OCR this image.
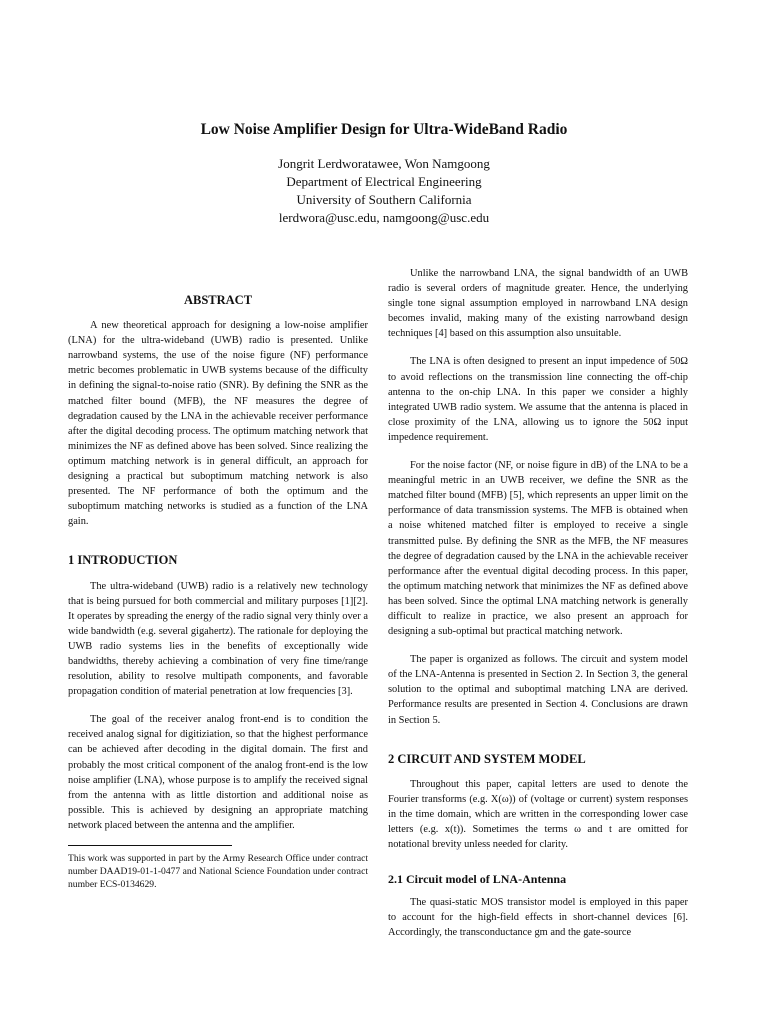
Low Noise Amplifier Design for Ultra-WideBand Radio
Jongrit Lerdworatawee, Won Namgoong
Department of Electrical Engineering
University of Southern California
lerdwora@usc.edu, namgoong@usc.edu
ABSTRACT

A new theoretical approach for designing a low-noise amplifier (LNA) for the ultra-wideband (UWB) radio is presented. Unlike narrowband systems, the use of the noise figure (NF) performance metric becomes problematic in UWB systems because of the difficulty in defining the signal-to-noise ratio (SNR). By defining the SNR as the matched filter bound (MFB), the NF measures the degree of degradation caused by the LNA in the achievable receiver performance after the digital decoding process. The optimum matching network that minimizes the NF as defined above has been solved. Since realizing the optimum matching network is in general difficult, an approach for designing a practical but suboptimum matching network is also presented. The NF performance of both the optimum and the suboptimum matching networks is studied as a function of the LNA gain.

1 INTRODUCTION

The ultra-wideband (UWB) radio is a relatively new technology that is being pursued for both commercial and military purposes [1][2]. It operates by spreading the energy of the radio signal very thinly over a wide bandwidth (e.g. several gigahertz). The rationale for deploying the UWB radio systems lies in the benefits of exceptionally wide bandwidths, thereby achieving a combination of very fine time/range resolution, ability to resolve multipath components, and favorable propagation condition of material penetration at low frequencies [3].

The goal of the receiver analog front-end is to condition the received analog signal for digitiziation, so that the highest performance can be achieved after decoding in the digital domain. The first and probably the most critical component of the analog front-end is the low noise amplifier (LNA), whose purpose is to amplify the received signal from the antenna with as little distortion and additional noise as possible. This is achieved by designing an appropriate matching network placed between the antenna and the amplifier.

This work was supported in part by the Army Research Office under contract number DAAD19-01-1-0477 and National Science Foundation under contract number ECS-0134629.

Unlike the narrowband LNA, the signal bandwidth of an UWB radio is several orders of magnitude greater. Hence, the underlying single tone signal assumption employed in narrowband LNA design becomes invalid, making many of the existing narrowband design techniques [4] based on this assumption also unsuitable.

The LNA is often designed to present an input impedence of 50Ω to avoid reflections on the transmission line connecting the off-chip antenna to the on-chip LNA. In this paper we consider a highly integrated UWB radio system. We assume that the antenna is placed in close proximity of the LNA, allowing us to ignore the 50Ω input impedence requirement.

For the noise factor (NF, or noise figure in dB) of the LNA to be a meaningful metric in an UWB receiver, we define the SNR as the matched filter bound (MFB) [5], which represents an upper limit on the performance of data transmission systems. The MFB is obtained when a noise whitened matched filter is employed to receive a single transmitted pulse. By defining the SNR as the MFB, the NF measures the degree of degradation caused by the LNA in the achievable receiver performance after the eventual digital decoding process. In this paper, the optimum matching network that minimizes the NF as defined above has been solved. Since the optimal LNA matching network is generally difficult to realize in practice, we also present an approach for designing a sub-optimal but practical matching network.

The paper is organized as follows. The circuit and system model of the LNA-Antenna is presented in Section 2. In Section 3, the general solution to the optimal and suboptimal matching LNA are derived. Performance results are presented in Section 4. Conclusions are drawn in Section 5.

2 CIRCUIT AND SYSTEM MODEL

Throughout this paper, capital letters are used to denote the Fourier transforms (e.g. X(ω)) of (voltage or current) system responses in the time domain, which are written in the corresponding lower case letters (e.g. x(t)). Sometimes the terms ω and t are omitted for notational brevity unless needed for clarity.

2.1 Circuit model of LNA-Antenna

The quasi-static MOS transistor model is employed in this paper to account for the high-field effects in short-channel devices [6]. Accordingly, the transconductance gm and the gate-source
